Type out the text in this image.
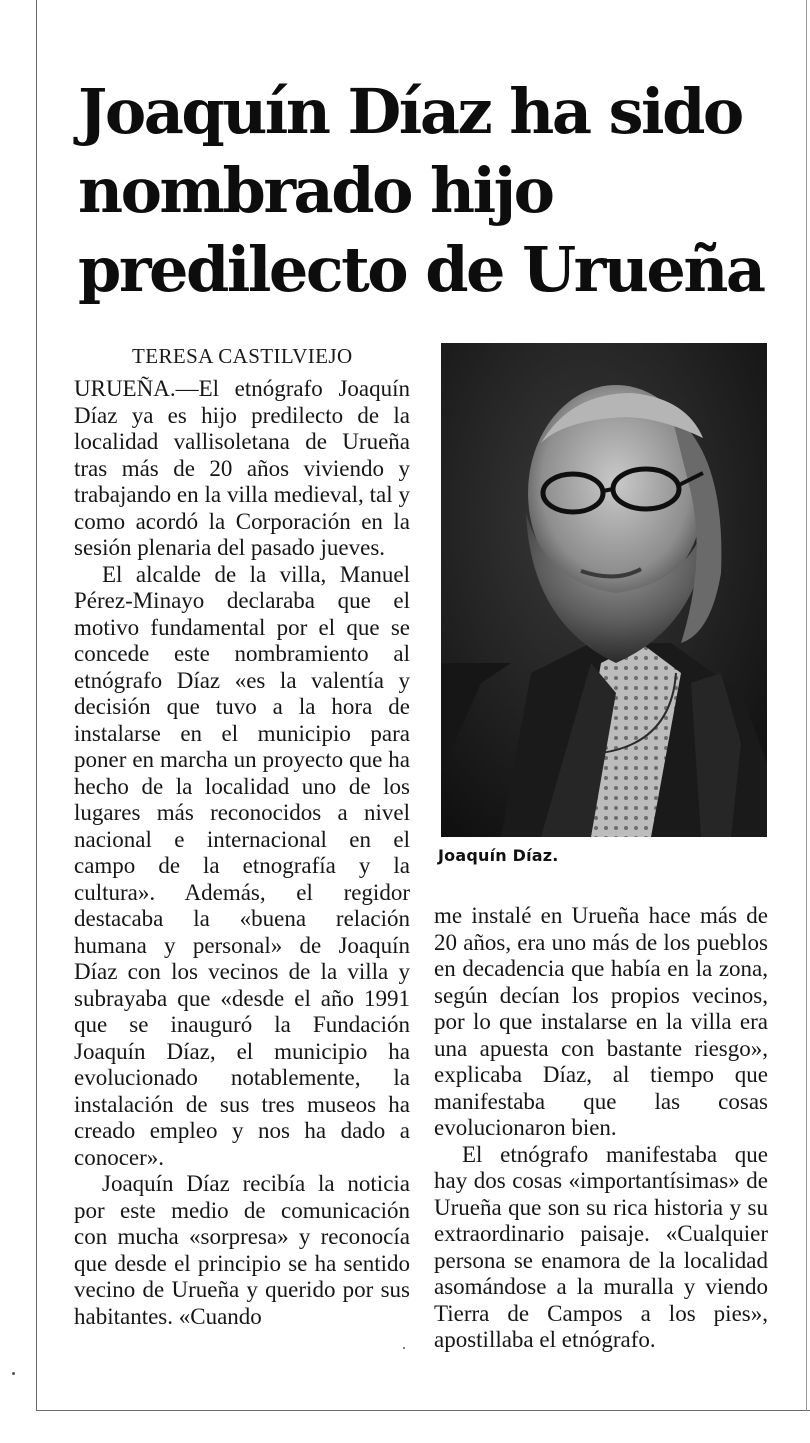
Joaquín Díaz ha sido
nombrado hijo
predilecto de Urueña
TERESA CASTILVIEJO

URUEÑA.—El etnógrafo Joaquín Díaz ya es hijo predilecto de la localidad vallisoletana de Urueña tras más de 20 años viviendo y trabajando en la villa medieval, tal y como acordó la Corporación en la sesión plenaria del pasado jueves.

El alcalde de la villa, Manuel Pérez-Minayo declaraba que el motivo fundamental por el que se concede este nombramiento al etnógrafo Díaz «es la valentía y decisión que tuvo a la hora de instalarse en el municipio para poner en marcha un proyecto que ha hecho de la localidad uno de los lugares más reconocidos a nivel nacional e internacional en el campo de la etnografía y la cultura». Además, el regidor destacaba la «buena relación humana y personal» de Joaquín Díaz con los vecinos de la villa y subrayaba que «desde el año 1991 que se inauguró la Fundación Joaquín Díaz, el municipio ha evolucionado notablemente, la instalación de sus tres museos ha creado empleo y nos ha dado a conocer».

Joaquín Díaz recibía la noticia por este medio de comunicación con mucha «sorpresa» y reconocía que desde el principio se ha sentido vecino de Urueña y querido por sus habitantes. «Cuando

Joaquín Díaz.

me instalé en Urueña hace más de 20 años, era uno más de los pueblos en decadencia que había en la zona, según decían los propios vecinos, por lo que instalarse en la villa era una apuesta con bastante riesgo», explicaba Díaz, al tiempo que manifestaba que las cosas evolucionaron bien.

El etnógrafo manifestaba que hay dos cosas «importantísimas» de Urueña que son su rica historia y su extraordinario paisaje. «Cualquier persona se enamora de la localidad asomándose a la muralla y viendo Tierra de Campos a los pies», apostillaba el etnógrafo.
